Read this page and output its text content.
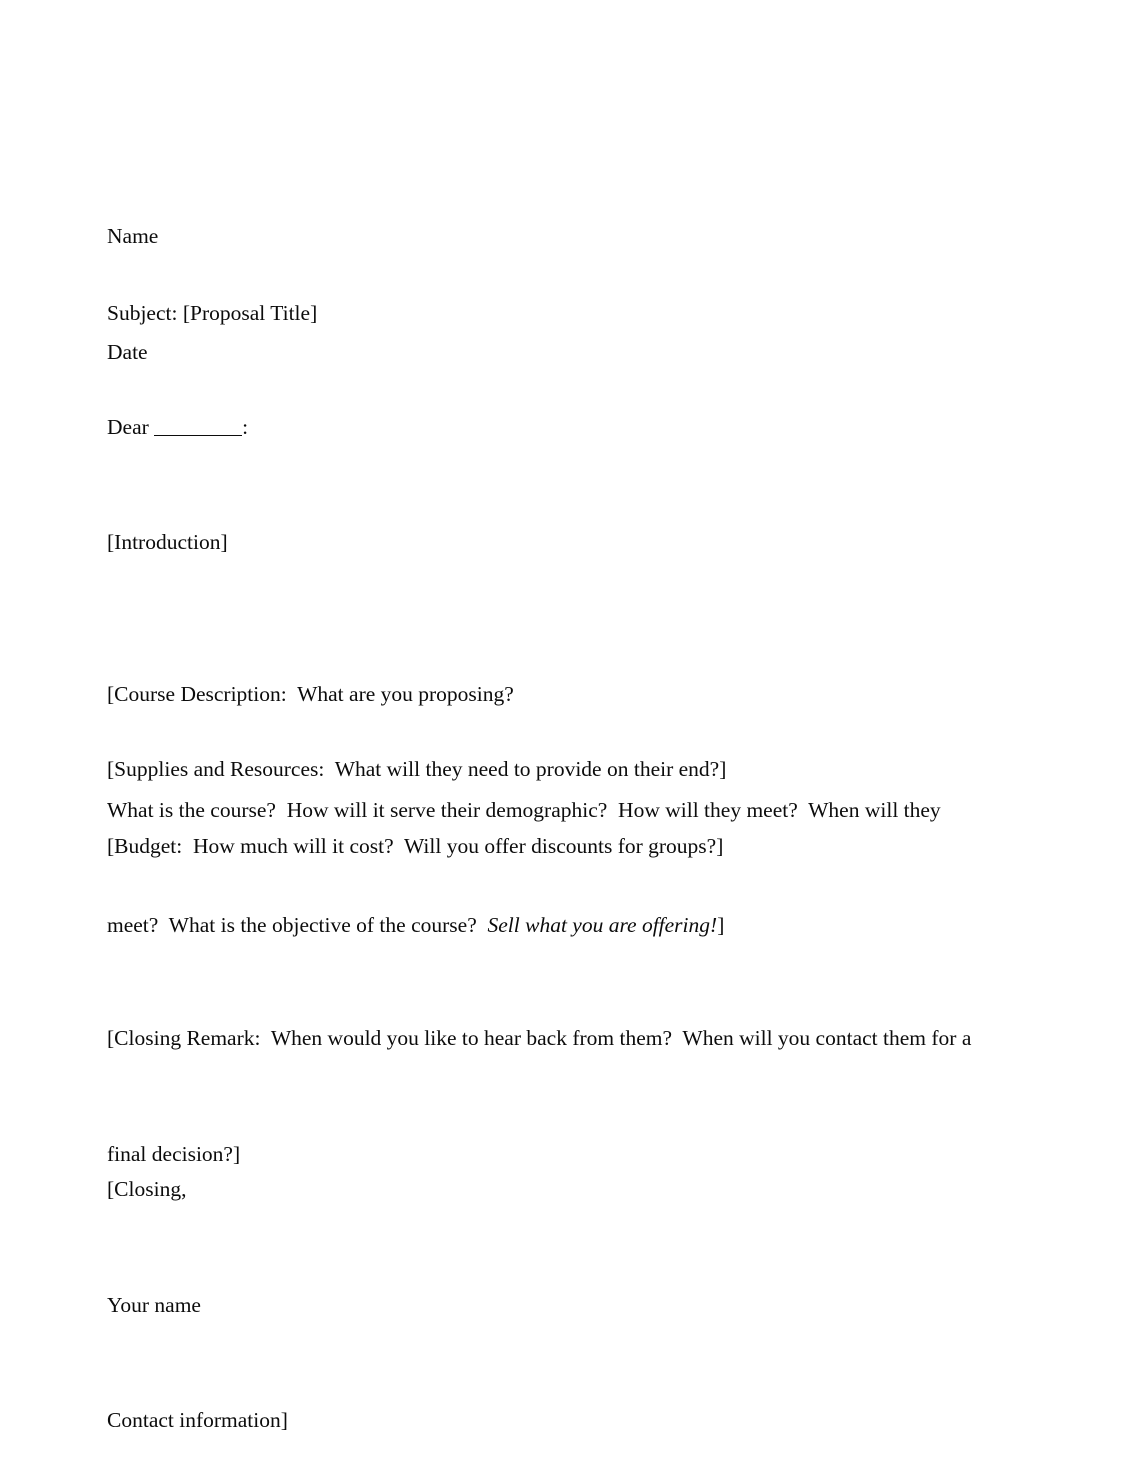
Name

Date

Subject: [Proposal Title]
Dear	:
[Introduction]

[Course Description:  What are you proposing?

What is the course?  How will it serve their demographic?  How will they meet?  When will they

meet?  What is the objective of the course?  Sell what you are offering!]

[Supplies and Resources:  What will they need to provide on their end?]
[Budget:  How much will it cost?  Will you offer discounts for groups?]

[Closing Remark:  When would you like to hear back from them?  When will you contact them for a

final decision?]

[Closing,

Your name

Contact information]
